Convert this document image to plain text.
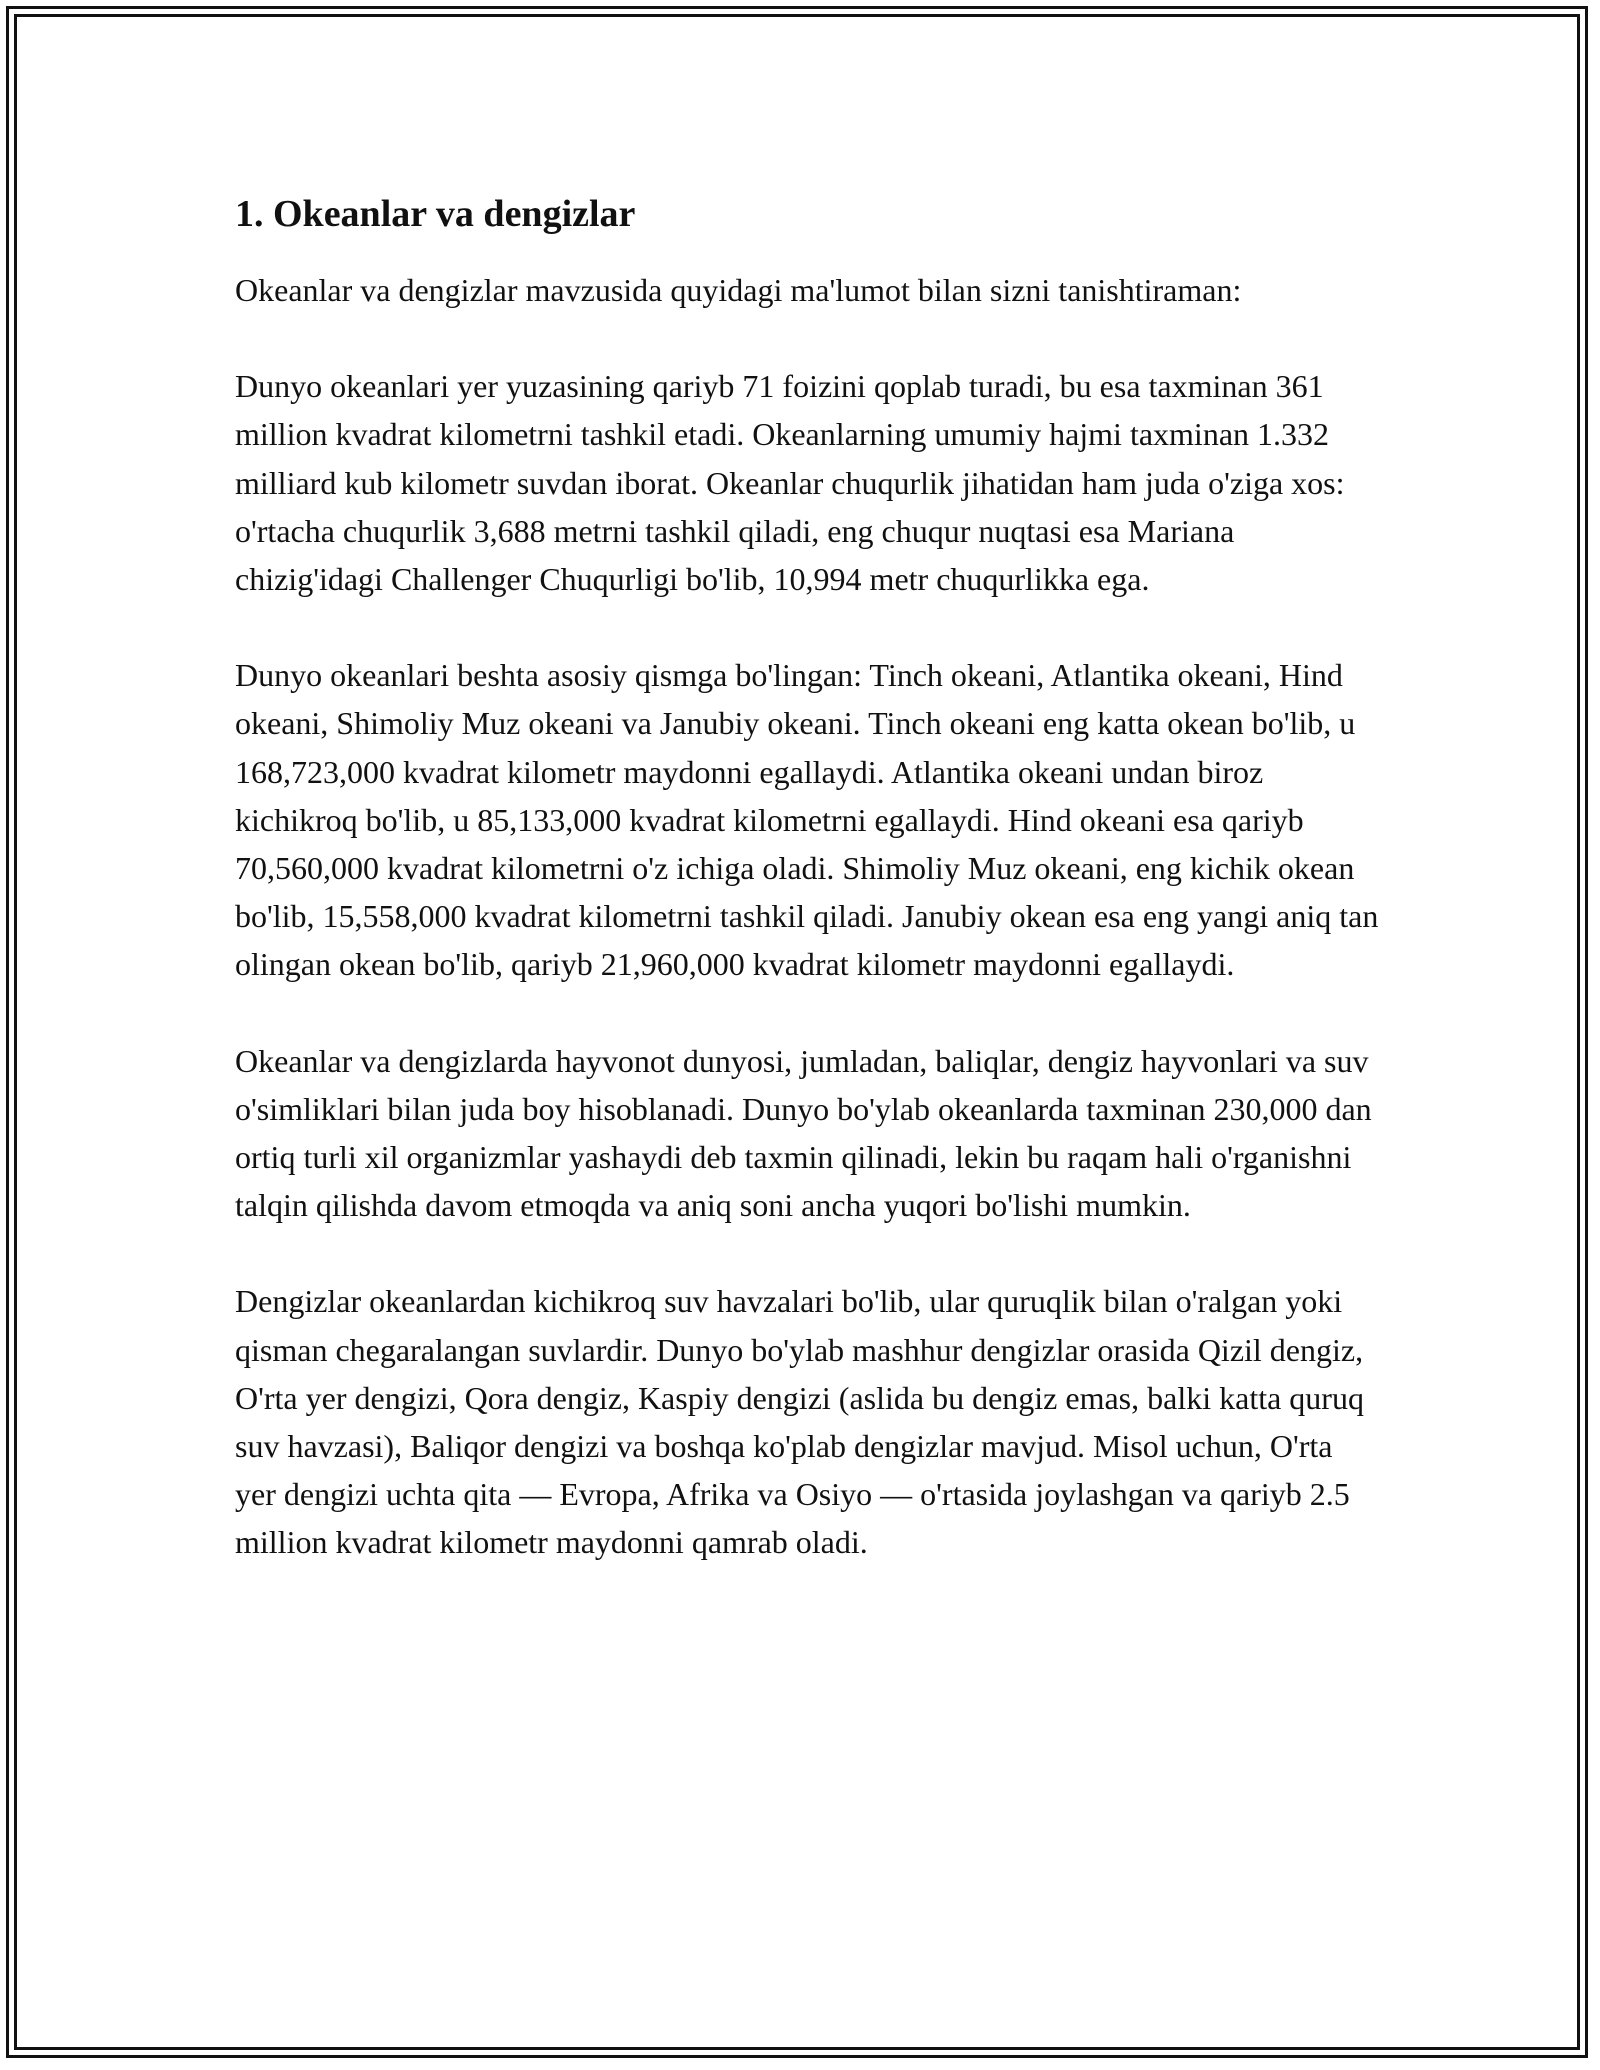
1. Okeanlar va dengizlar

Okeanlar va dengizlar mavzusida quyidagi ma'lumot bilan sizni tanishtiraman:

Dunyo okeanlari yer yuzasining qariyb 71 foizini qoplab turadi, bu esa taxminan 361 million kvadrat kilometrni tashkil etadi. Okeanlarning umumiy hajmi taxminan 1.332 milliard kub kilometr suvdan iborat. Okeanlar chuqurlik jihatidan ham juda o'ziga xos: o'rtacha chuqurlik 3,688 metrni tashkil qiladi, eng chuqur nuqtasi esa Mariana chizig'idagi Challenger Chuqurligi bo'lib, 10,994 metr chuqurlikka ega.

Dunyo okeanlari beshta asosiy qismga bo'lingan: Tinch okeani, Atlantika okeani, Hind okeani, Shimoliy Muz okeani va Janubiy okeani. Tinch okeani eng katta okean bo'lib, u 168,723,000 kvadrat kilometr maydonni egallaydi. Atlantika okeani undan biroz kichikroq bo'lib, u 85,133,000 kvadrat kilometrni egallaydi. Hind okeani esa qariyb 70,560,000 kvadrat kilometrni o'z ichiga oladi. Shimoliy Muz okeani, eng kichik okean bo'lib, 15,558,000 kvadrat kilometrni tashkil qiladi. Janubiy okean esa eng yangi aniq tan olingan okean bo'lib, qariyb 21,960,000 kvadrat kilometr maydonni egallaydi.

Okeanlar va dengizlarda hayvonot dunyosi, jumladan, baliqlar, dengiz hayvonlari va suv o'simliklari bilan juda boy hisoblanadi. Dunyo bo'ylab okeanlarda taxminan 230,000 dan ortiq turli xil organizmlar yashaydi deb taxmin qilinadi, lekin bu raqam hali o'rganishni talqin qilishda davom etmoqda va aniq soni ancha yuqori bo'lishi mumkin.

Dengizlar okeanlardan kichikroq suv havzalari bo'lib, ular quruqlik bilan o'ralgan yoki qisman chegaralangan suvlardir. Dunyo bo'ylab mashhur dengizlar orasida Qizil dengiz, O'rta yer dengizi, Qora dengiz, Kaspiy dengizi (aslida bu dengiz emas, balki katta quruq suv havzasi), Baliqor dengizi va boshqa ko'plab dengizlar mavjud. Misol uchun, O'rta yer dengizi uchta qita — Evropa, Afrika va Osiyo — o'rtasida joylashgan va qariyb 2.5 million kvadrat kilometr maydonni qamrab oladi.
